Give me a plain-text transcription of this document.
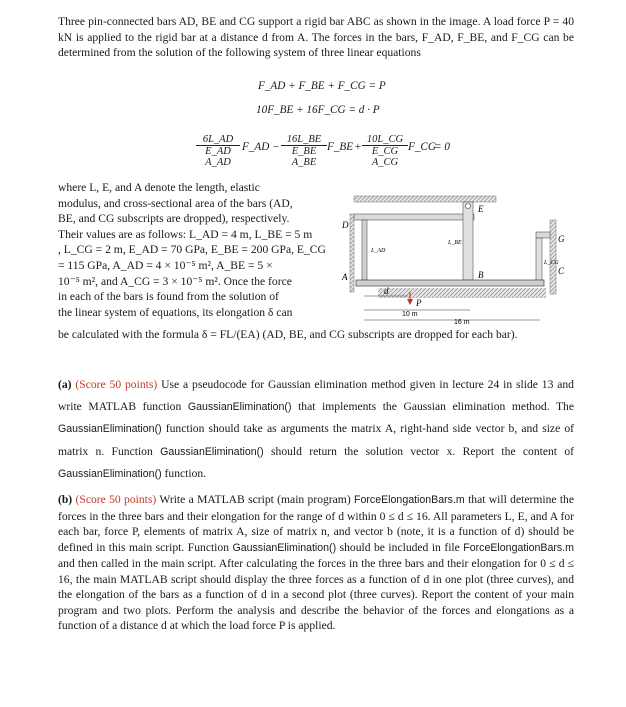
Three pin-connected bars AD, BE and CG support a rigid bar ABC as shown in the image. A load force P = 40 kN is applied to the rigid bar at a distance d from A. The forces in the bars, F_AD, F_BE, and F_CG can be determined from the solution of the following system of three linear equations

F_AD + F_BE + F_CG = P
10F_BE + 16F_CG = d · P
$\frac{6L\_AD}{\text{E\_AD A\_AD}}$ F_AD − $\frac{16L\_BE}{\text{E\_BE A\_BE}}$ F_BE + $\frac{10L\_CG}{\text{E\_CG A\_CG}}$ F_CG
= 0
where L, E, and A denote the length, elastic
modulus, and cross-sectional area of the bars (AD,
BE, and CG subscripts are dropped), respectively.
Their values are as follows: L_AD = 4 m, L_BE = 5 m
, L_CG = 2 m, E_AD = 70 GPa, E_BE = 200 GPa, E_CG
= 115 GPa, A_AD = 4 × 10⁻⁵ m², A_BE = 5 ×
10⁻⁵ m², and A_CG = 3 × 10⁻⁵ m². Once the force
in each of the bars is found from the solution of
the linear system of equations, its elongation δ can

be calculated with the formula δ = FL/(EA) (AD, BE, and CG subscripts are dropped for each bar).

D
E
G
A	B	C
P
d
L_AD
L_BE
L_CG
10 m
16 m

(a) (Score 50 points) Use a pseudocode for Gaussian elimination method given in lecture 24 in slide 13 and write MATLAB function GaussianElimination() that implements the Gaussian elimination method. The GaussianElimination() function should take as arguments the matrix A, right-hand side vector b, and size of matrix n. Function GaussianElimination() should return the solution vector x. Report the content of GaussianElimination() function.

(b) (Score 50 points) Write a MATLAB script (main program) ForceElongationBars.m that will determine the forces in the three bars and their elongation for the range of d within 0 ≤ d ≤ 16. All parameters L, E, and A for each bar, force P, elements of matrix A, size of matrix n, and vector b (note, it is a function of d) should be defined in this main script. Function GaussianElimination() should be included in file ForceElongationBars.m and then called in the main script. After calculating the forces in the three bars and their elongation for 0 ≤ d ≤ 16, the main MATLAB script should display the three forces as a function of d in one plot (three curves), and the elongation of the bars as a function of d in a second plot (three curves). Report the content of your main program and two plots. Perform the analysis and describe the behavior of the forces and elongations as a function of a distance d at which the load force P is applied.
